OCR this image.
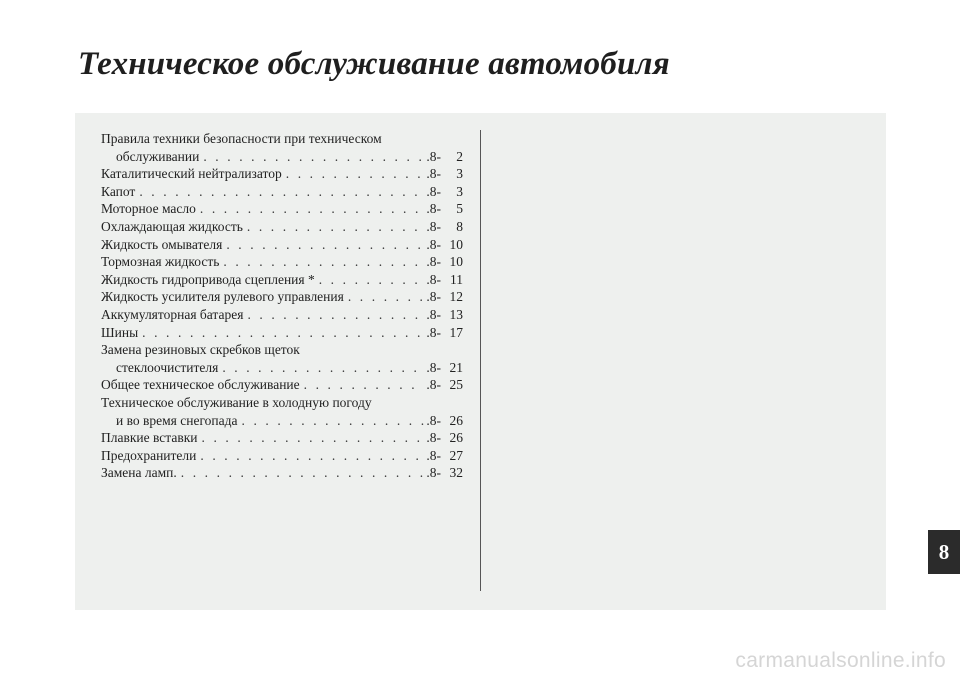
Техническое обслуживание автомобиля
Правила техники безопасности при техническом
обслуживании . . .	.8-	2
Каталитический нейтрализатор . . .	.8-	3
Капот . . .	.8-	3
Моторное масло . . .	.8-	5
Охлаждающая жидкость . . .	.8-	8
Жидкость омывателя . . .	.8- 10
Тормозная жидкость . . .	.8- 10
Жидкость гидропривода сцепления * . . .	.8- 11
Жидкость усилителя рулевого управления . . .	.8- 12
Аккумуляторная батарея . . .	.8- 13
Шины . . .	.8- 17
Замена резиновых скребков щеток
стеклоочистителя . . .	.8- 21
Общее техническое обслуживание . . .	.8- 25
Техническое обслуживание в холодную погоду
и во время снегопада . . .	.8- 26
Плавкие вставки . . .	.8- 26
Предохранители . . .	.8- 27
Замена ламп. . . .	.8- 32
8
carmanualsonline.info
